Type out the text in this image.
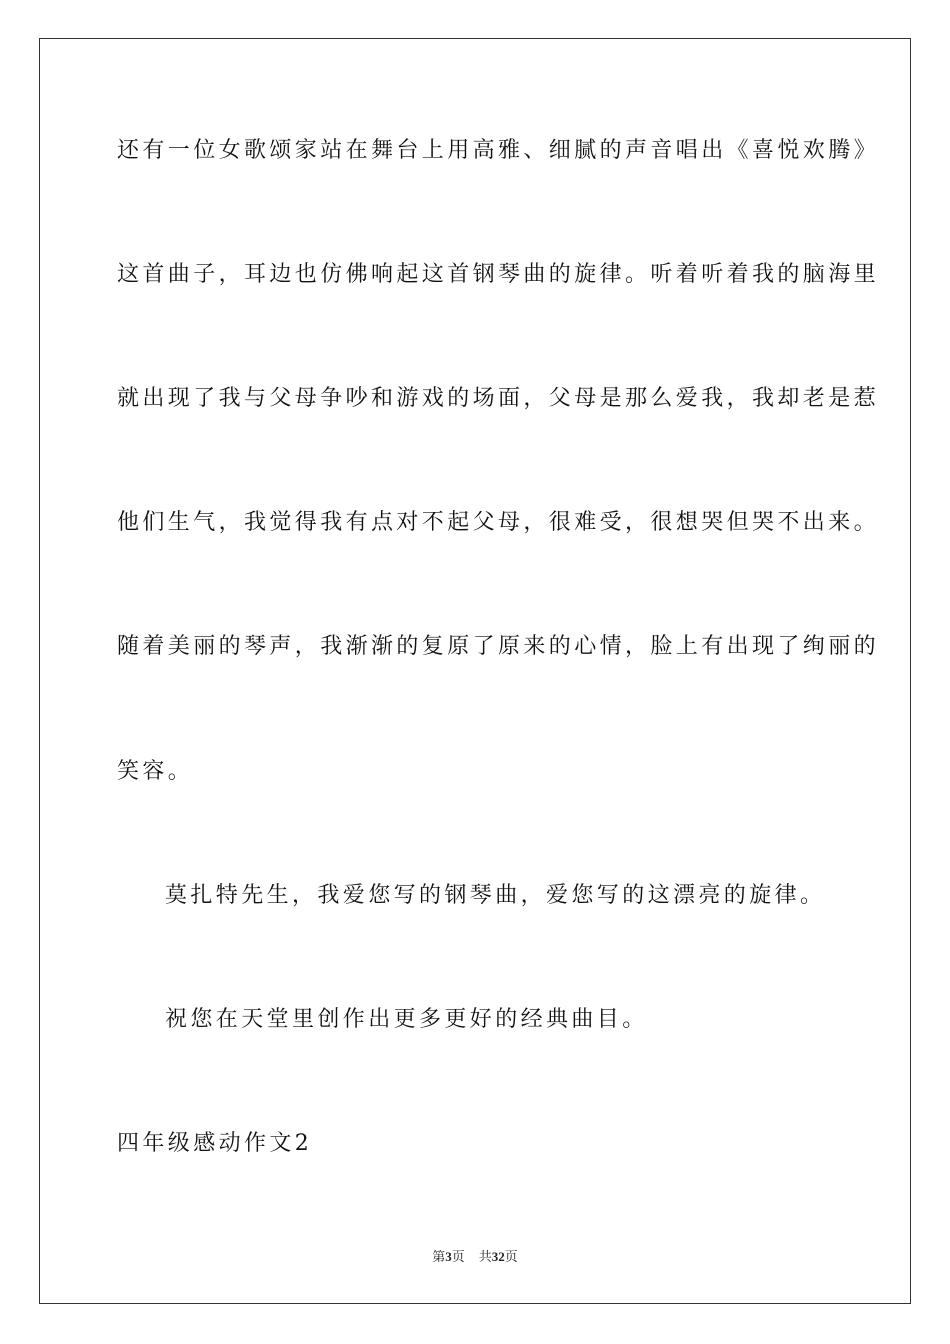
还有一位女歌颂家站在舞台上用高雅、细腻的声音唱出《喜悦欢腾》

这首曲子，耳边也仿佛响起这首钢琴曲的旋律。听着听着我的脑海里

就出现了我与父母争吵和游戏的场面，父母是那么爱我，我却老是惹

他们生气，我觉得我有点对不起父母，很难受，很想哭但哭不出来。

随着美丽的琴声，我渐渐的复原了原来的心情，脸上有出现了绚丽的

笑容。

莫扎特先生，我爱您写的钢琴曲，爱您写的这漂亮的旋律。

祝您在天堂里创作出更多更好的经典曲目。

四年级感动作文2

第3页 共32页
